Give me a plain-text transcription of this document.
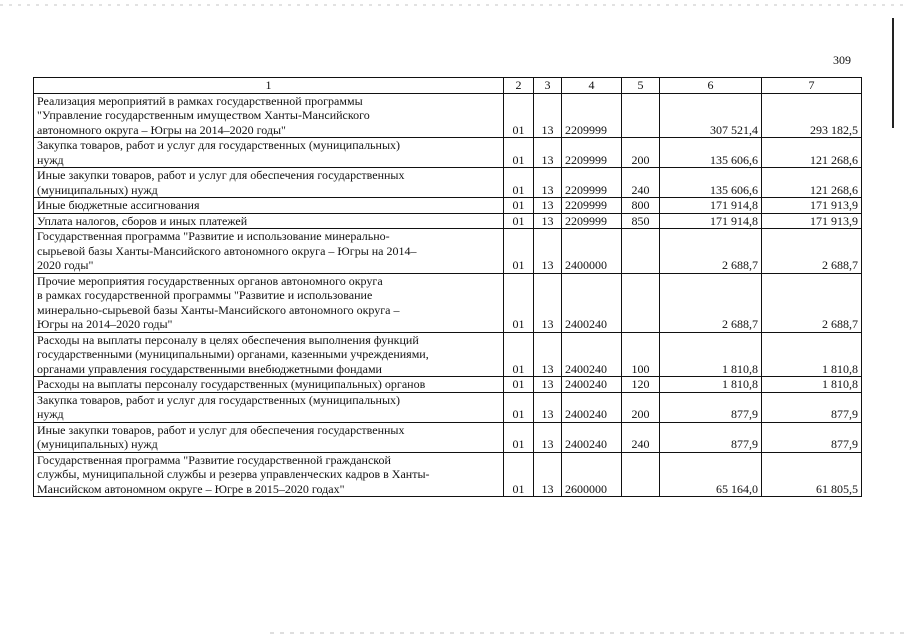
309
1	2	3	4	5	6	7
Реализация мероприятий в рамках государственной программы
"Управление государственным имуществом Ханты-Мансийского
автономного округа – Югры на 2014–2020 годы"	01	13	2209999		307 521,4	293 182,5
Закупка товаров, работ и услуг для государственных (муниципальных)
нужд	01	13	2209999	200	135 606,6	121 268,6
Иные закупки товаров, работ и услуг для обеспечения государственных
(муниципальных) нужд	01	13	2209999	240	135 606,6	121 268,6
Иные бюджетные ассигнования	01	13	2209999	800	171 914,8	171 913,9
Уплата налогов, сборов и иных платежей	01	13	2209999	850	171 914,8	171 913,9
Государственная программа "Развитие и использование минерально-
сырьевой базы Ханты-Мансийского автономного округа – Югры на 2014–
2020 годы"	01	13	2400000		2 688,7	2 688,7
Прочие мероприятия государственных органов автономного округа
в рамках государственной программы "Развитие и использование
минерально-сырьевой базы Ханты-Мансийского автономного округа –
Югры на 2014–2020 годы"	01	13	2400240		2 688,7	2 688,7
Расходы на выплаты персоналу в целях обеспечения выполнения функций
государственными (муниципальными) органами, казенными учреждениями,
органами управления государственными внебюджетными фондами	01	13	2400240	100	1 810,8	1 810,8
Расходы на выплаты персоналу государственных (муниципальных) органов	01	13	2400240	120	1 810,8	1 810,8
Закупка товаров, работ и услуг для государственных (муниципальных)
нужд	01	13	2400240	200	877,9	877,9
Иные закупки товаров, работ и услуг для обеспечения государственных
(муниципальных) нужд	01	13	2400240	240	877,9	877,9
Государственная программа "Развитие государственной гражданской
службы, муниципальной службы и резерва управленческих кадров в Ханты-
Мансийском автономном округе – Югре в 2015–2020 годах"	01	13	2600000		65 164,0	61 805,5
